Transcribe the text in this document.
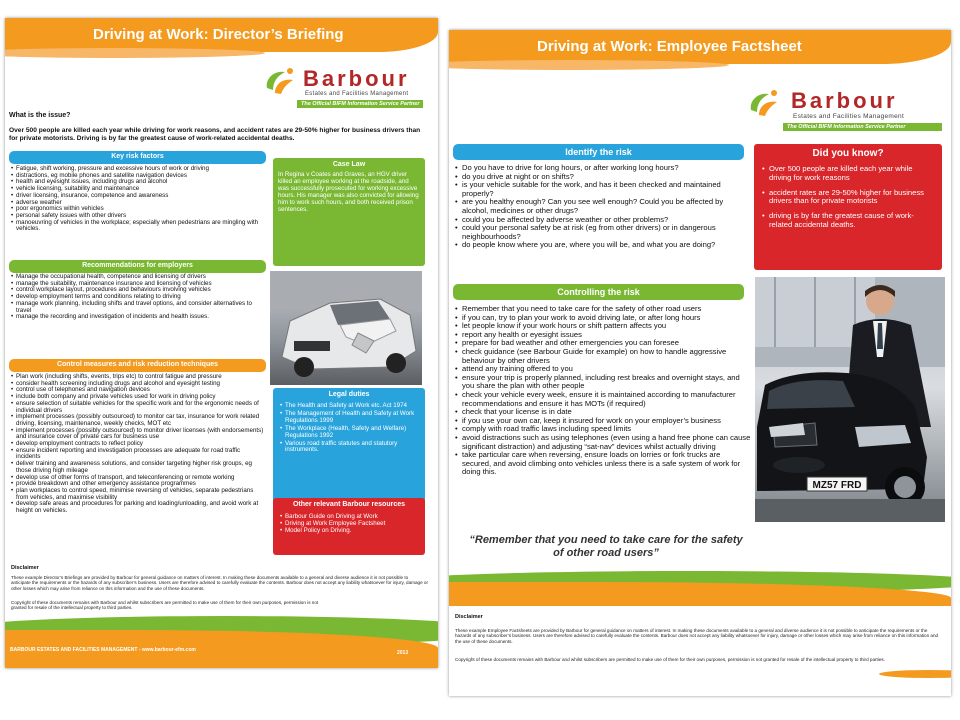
Driving at Work: Director’s Briefing
Barbour
Estates and Facilities Management
The Official BIFM Information Service Partner
What is the issue?
Over 500 people are killed each year while driving for work reasons, and accident rates are 29-50% higher for business drivers than for private motorists. Driving is by far the greatest cause of work-related accidental deaths.
Key risk factors
• Fatigue, shift working, pressure and excessive hours of work or driving
• distractions, eg mobile phones and satellite navigation devices
• health and eyesight issues, including drugs and alcohol
• vehicle licensing, suitability and maintenance
• driver licensing, insurance, competence and awareness
• adverse weather
• poor ergonomics within vehicles
• personal safety issues with other drivers
• manoeuvring of vehicles in the workplace; especially when pedestrians are mingling with vehicles.
Case Law
In Regina v Coates and Graves, an HGV driver killed an employee working at the roadside, and was successfully prosecuted for working excessive hours. His manager was also convicted for allowing him to work such hours, and both received prison sentences.
Recommendations for employers
• Manage the occupational health, competence and licensing of drivers
• manage the suitability, maintenance insurance and licensing of vehicles
• control workplace layout, procedures and behaviours involving vehicles
• develop employment terms and conditions relating to driving
• manage work planning, including shifts and travel options, and consider alternatives to travel
• manage the recording and investigation of incidents and health issues.
Control measures and risk reduction techniques
• Plan work (including shifts, events, trips etc) to control fatigue and pressure
• consider health screening including drugs and alcohol and eyesight testing
• control use of telephones and navigation devices
• include both company and private vehicles used for work in driving policy
• ensure selection of suitable vehicles for the specific work and for the ergonomic needs of individual drivers
• implement processes (possibly outsourced) to monitor car tax, insurance for work related driving, licensing, maintenance, weekly checks, MOT etc
• implement processes (possibly outsourced) to monitor driver licenses (with endorsements) and insurance cover of private cars for business use
• develop employment contracts to reflect policy
• ensure incident reporting and investigation processes are adequate for road traffic incidents
• deliver training and awareness solutions, and consider targeting higher risk groups, eg those driving high mileage
• develop use of other forms of transport, and teleconferencing or remote working
• provide breakdown and other emergency assistance programmes
• plan workplaces to control speed, minimise reversing of vehicles, separate pedestrians from vehicles, and maximise visibility
• develop safe areas and procedures for parking and loading/unloading, and avoid work at height on vehicles.
Legal duties
• The Health and Safety at Work etc. Act 1974
• The Management of Health and Safety at Work Regulations 1999
• The Workplace (Health, Safety and Welfare) Regulations 1992
• Various road traffic statutes and statutory instruments.
Other relevant Barbour resources
• Barbour Guide on Driving at Work
• Driving at Work Employee Factsheet
• Model Policy on Driving.
Disclaimer
These example Director’s Briefings are provided by Barbour for general guidance on matters of interest. In making these documents available to a general and diverse audience it is not possible to anticipate the requirements or the hazards of any subscriber’s business. Users are therefore advised to carefully evaluate the contents. Barbour does not accept any liability whatsoever for injury, damage or other losses which may arise from reliance on this information and the use of these documents.
Copyright of these documents remains with Barbour and whilst subscribers are permitted to make use of them for their own purposes, permission is not granted for resale of the intellectual property to third parties.
BARBOUR ESTATES AND FACILITIES MANAGEMENT - www.barbour-efm.com	2013
Driving at Work: Employee Factsheet
Barbour
Estates and Facilities Management
The Official BIFM Information Service Partner
Identify the risk
• Do you have to drive for long hours, or after working long hours?
• do you drive at night or on shifts?
• is your vehicle suitable for the work, and has it been checked and maintained properly?
• are you healthy enough? Can you see well enough? Could you be affected by alcohol, medicines or other drugs?
• could you be affected by adverse weather or other problems?
• could your personal safety be at risk (eg from other drivers) or in dangerous neighbourhoods?
• do people know where you are, where you will be, and what you are doing?
Did you know?
• Over 500 people are killed each year while driving for work reasons
• accident rates are 29-50% higher for business drivers than for private motorists
• driving is by far the greatest cause of work-related accidental deaths.
Controlling the risk
• Remember that you need to take care for the safety of other road users
• if you can, try to plan your work to avoid driving late, or after long hours
• let people know if your work hours or shift pattern affects you
• report any health or eyesight issues
• prepare for bad weather and other emergencies you can foresee
• check guidance (see Barbour Guide for example) on how to handle aggressive behaviour by other drivers
• attend any training offered to you
• ensure your trip is properly planned, including rest breaks and overnight stays, and you share the plan with other people
• check your vehicle every week, ensure it is maintained according to manufacturer recommendations and ensure it has MOTs (if required)
• check that your license is in date
• if you use your own car, keep it insured for work on your employer’s business
• comply with road traffic laws including speed limits
• avoid distractions such as using telephones (even using a hand free phone can cause significant distraction) and adjusting “sat-nav” devices whilst actually driving
• take particular care when reversing, ensure loads on lorries or fork trucks are secured, and avoid climbing onto vehicles unless there is a safe system of work for doing this.
MZ57 FRD
“Remember that you need to take care for the safety of other road users”
Disclaimer
These example Employee Factsheets are provided by Barbour for general guidance on matters of interest. In making these documents available to a general and diverse audience it is not possible to anticipate the requirements or the hazards of any subscriber’s business. Users are therefore advised to carefully evaluate the contents. Barbour does not accept any liability whatsoever for injury, damage or other losses which may arise from reliance on this information and the use of these documents.
Copyright of these documents remains with Barbour and whilst subscribers are permitted to make use of them for their own purposes, permission is not granted for resale of the intellectual property to third parties.
